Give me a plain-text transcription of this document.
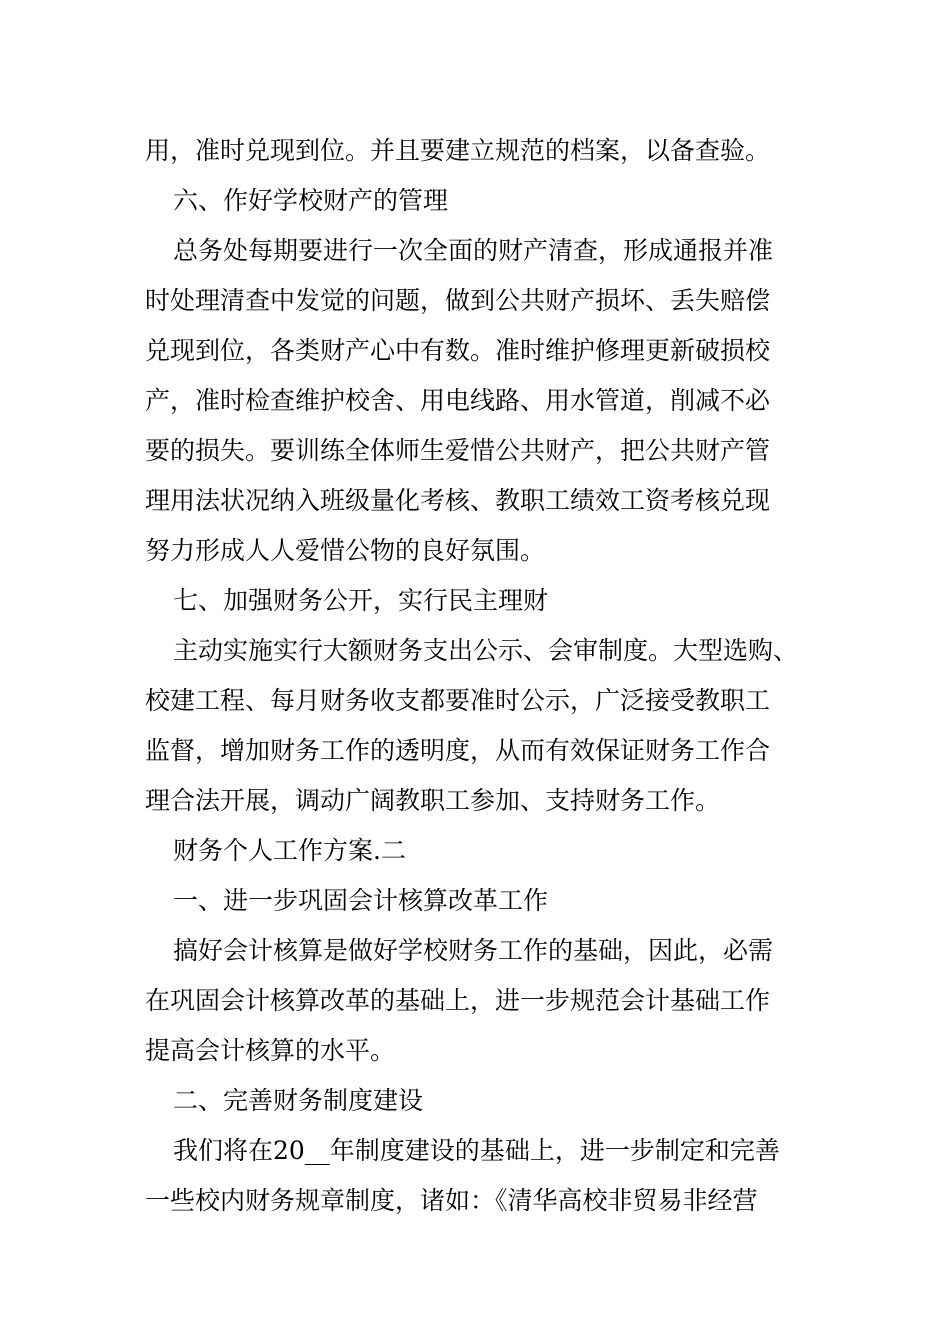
用，准时兑现到位。并且要建立规范的档案，以备查验。
六、作好学校财产的管理
总务处每期要进行一次全面的财产清查，形成通报并准
时处理清查中发觉的问题，做到公共财产损坏、丢失赔偿
兑现到位，各类财产心中有数。准时维护修理更新破损校
产，准时检查维护校舍、用电线路、用水管道，削减不必
要的损失。要训练全体师生爱惜公共财产，把公共财产管
理用法状况纳入班级量化考核、教职工绩效工资考核兑现
努力形成人人爱惜公物的良好氛围。
七、加强财务公开，实行民主理财
主动实施实行大额财务支出公示、会审制度。大型选购、
校建工程、每月财务收支都要准时公示，广泛接受教职工
监督，增加财务工作的透明度，从而有效保证财务工作合
理合法开展，调动广阔教职工参加、支持财务工作。
财务个人工作方案.二
一、进一步巩固会计核算改革工作
搞好会计核算是做好学校财务工作的基础，因此，必需
在巩固会计核算改革的基础上，进一步规范会计基础工作
提高会计核算的水平。
二、完善财务制度建设
我们将在20__年制度建设的基础上，进一步制定和完善
一些校内财务规章制度，诸如：《清华高校非贸易非经营
